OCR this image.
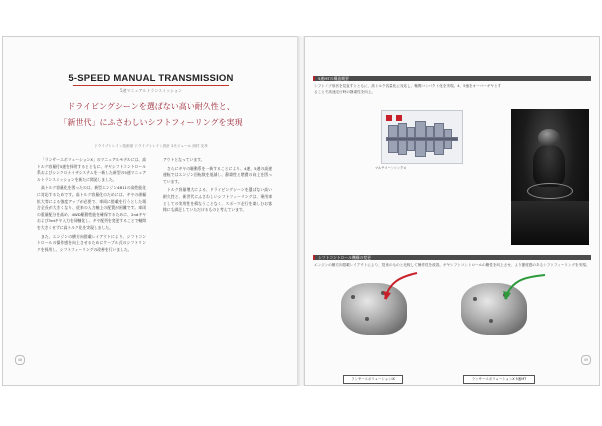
5-SPEED MANUAL TRANSMISSION
5速マニュアルトランスミッション
ドライビングシーンを選ばない高い耐久性と、
「新世代」にふさわしいシフトフィーリングを実現
ドライブトレイン技術部 ドライブトレイン設計 2モジュール 西村 友孝

「ランサーエボリューションX」のマニュアルモデルには、高トルク容量付5速を採用するとともに、ギヤシフトコントロール系およびシンクロナイザシステムを一新した新型の5速マニュアルトランスミッションを新たに開発しました。

高トルク容量化を図ったのは、新型エンジン4B11の高性能化に対応するためです。高トルク容量化のためには、ギヤの歯幅拡大等による強度アップが必要で、車両に搭載を行うとした場合全長が大きくなり、従来の入力軸上の配置が困難です。車両の重量配分を高め、4WD駆動性能を確保するために、2ndギヤおよび3rdギヤ入力を同軸化し、ギヤ配列を変更することで軸間を大きくせずに高トルク化を実現しました。

また、エンジンの横方向搭載レイアウトにより、シフトコントロールの操作感を向上させるためにケーブル式のシフトリンクを採用し、シフトフィーリングの改善を行いました。

アウトとなっています。

さらにギヤの駆動系を一新することにより、4速、5速の高速運転ではエンジン回転数を低減し、静粛性と燃費の向上を図っています。

トルク容量増大による、ドライビングシーンを選ばない高い耐久性と、新世代にふさわしいシフトフィーリングは、乗用車としての実用性を損なうことなく、スポーツ走行を楽しむお客様にも満足していただけるものと考えています。

48
5速MTの構造概要
シフトノブ形状を見直すとともに、高トルク容量化に対応し、軸間コンパクト化を実現。4、5速をオーバーギヤとすることで高速走行時の静粛性を向上。
マルチコーンシンクロ
シフトコントロール機構の変更
エンジンの横方向搭載レイアウトにより、従来のものと比較して操作性を改善。ギヤシフトコントロールの剛性を向上させ、より節度感のあるシフトフィーリングを実現。
ランサーエボリューションIX	ランサーエボリューションX 5速MT
49
